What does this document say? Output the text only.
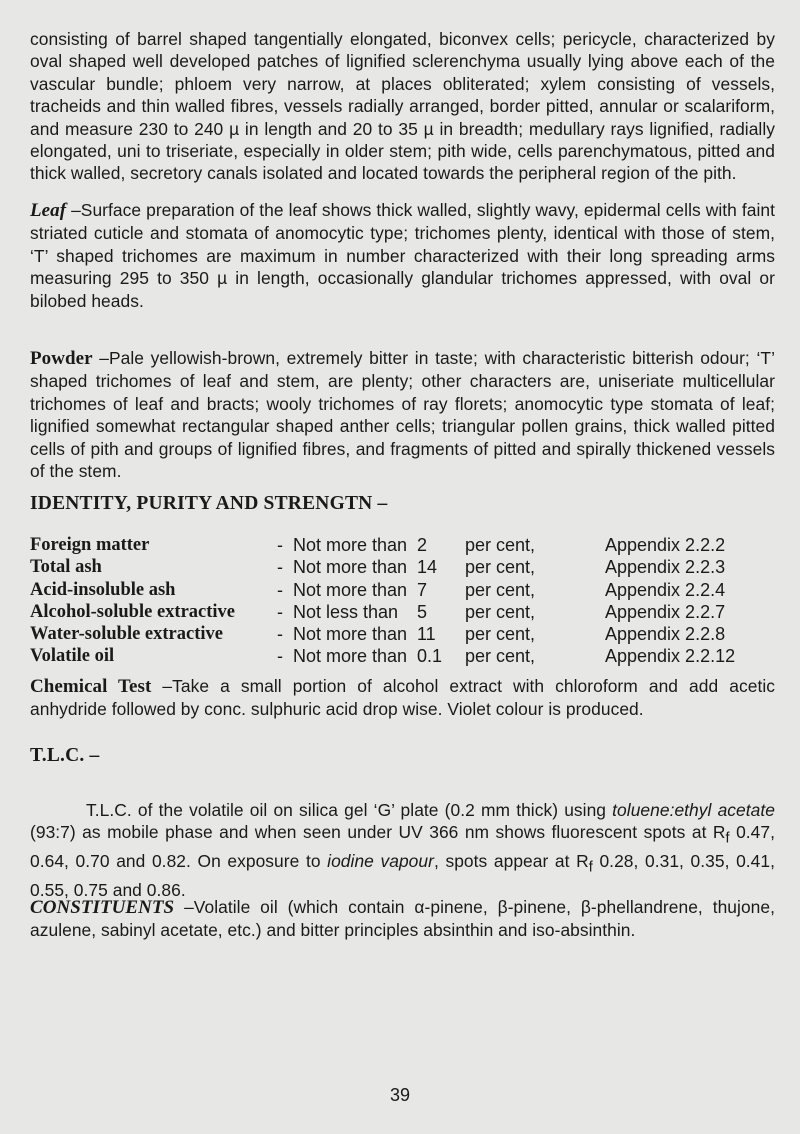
consisting of barrel shaped tangentially elongated, biconvex cells; pericycle, characterized by oval shaped well developed patches of lignified sclerenchyma usually lying above each of the vascular bundle; phloem very narrow, at places obliterated; xylem consisting of vessels, tracheids and thin walled fibres, vessels radially arranged, border pitted, annular or scalariform, and measure 230 to 240 µ in length and 20 to 35 µ in breadth; medullary rays lignified, radially elongated, uni to triseriate, especially in older stem; pith wide, cells parenchymatous, pitted and thick walled, secretory canals isolated and located towards the peripheral region of the pith.
Leaf –Surface preparation of the leaf shows thick walled, slightly wavy, epidermal cells with faint striated cuticle and stomata of anomocytic type; trichomes plenty, identical with those of stem, ‘T’ shaped trichomes are maximum in number characterized with their long spreading arms measuring 295 to 350 µ in length, occasionally glandular trichomes appressed, with oval or bilobed heads.
Powder –Pale yellowish-brown, extremely bitter in taste; with characteristic bitterish odour; ‘T’ shaped trichomes of leaf and stem, are plenty; other characters are, uniseriate multicellular trichomes of leaf and bracts; wooly trichomes of ray florets; anomocytic type stomata of leaf; lignified somewhat rectangular shaped anther cells; triangular pollen grains, thick walled pitted cells of pith and groups of lignified fibres, and fragments of pitted and spirally thickened vessels of the stem.
IDENTITY, PURITY AND STRENGTN –
Foreign matter	-	Not more than	2	per cent,	Appendix 2.2.2
Total ash	-	Not more than	14	per cent,	Appendix 2.2.3
Acid-insoluble ash	-	Not more than	7	per cent,	Appendix 2.2.4
Alcohol-soluble extractive	-	Not less than	5	per cent,	Appendix 2.2.7
Water-soluble extractive	-	Not more than	11	per cent,	Appendix 2.2.8
Volatile oil	-	Not more than	0.1	per cent,	Appendix 2.2.12
Chemical Test –Take a small portion of alcohol extract with chloroform and add acetic anhydride followed by conc. sulphuric acid drop wise. Violet colour is produced.
T.L.C. –
T.L.C. of the volatile oil on silica gel ‘G’ plate (0.2 mm thick) using toluene:ethyl acetate (93:7) as mobile phase and when seen under UV 366 nm shows fluorescent spots at $R_f$ 0.47, 0.64, 0.70 and 0.82. On exposure to iodine vapour, spots appear at $R_f$ 0.28, 0.31, 0.35, 0.41, 0.55, 0.75 and 0.86.
CONSTITUENTS –Volatile oil (which contain α-pinene, β-pinene, β-phellandrene, thujone, azulene, sabinyl acetate, etc.) and bitter principles absinthin and iso-absinthin.
39
